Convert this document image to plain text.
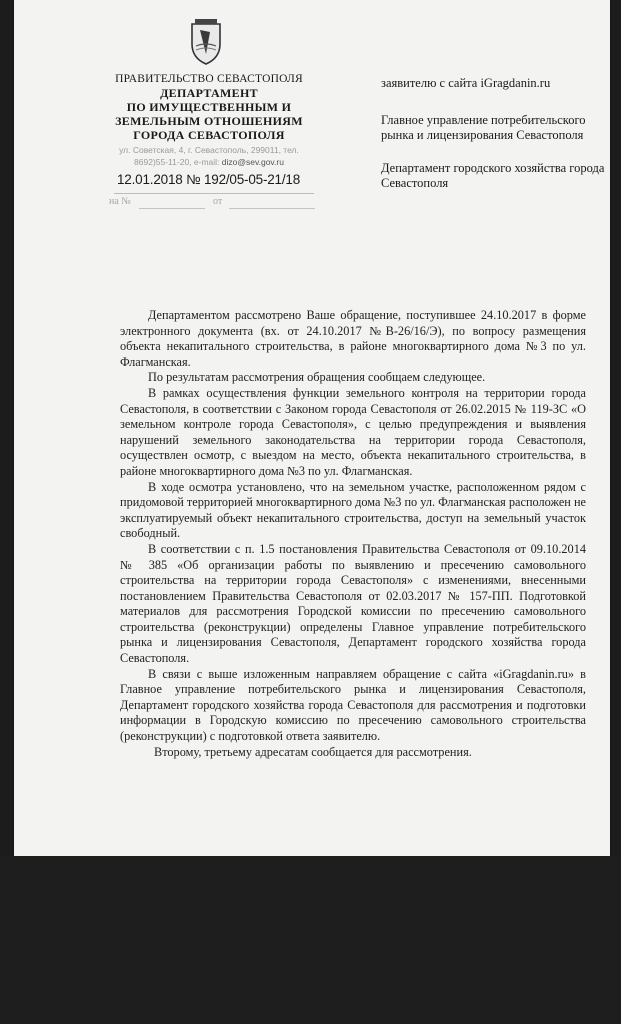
ПРАВИТЕЛЬСТВО СЕВАСТОПОЛЯ
ДЕПАРТАМЕНТ
ПО ИМУЩЕСТВЕННЫМ И
ЗЕМЕЛЬНЫМ ОТНОШЕНИЯМ
ГОРОДА СЕВАСТОПОЛЯ
ул. Советская, 4, г. Севастополь, 299011, тел.
8692)55-11-20, e-mail: dizo@sev.gov.ru
12.01.2018 № 192/05-05-21/18
на №	от
заявителю с сайта iGragdanin.ru
Главное управление потребительского рынка и лицензирования Севастополя
Департамент городского хозяйства города Севастополя

Департаментом рассмотрено Ваше обращение, поступившее 24.10.2017 в форме электронного документа (вх. от 24.10.2017 №В-26/16/Э), по вопросу размещения объекта некапитального строительства, в районе многоквартирного дома №3 по ул. Флагманская.

По результатам рассмотрения обращения сообщаем следующее.

В рамках осуществления функции земельного контроля на территории города Севастополя, в соответствии с Законом города Севастополя от 26.02.2015 № 119-ЗС «О земельном контроле города Севастополя», с целью предупреждения и выявления нарушений земельного законодательства на территории города Севастополя, осуществлен осмотр, с выездом на место, объекта некапитального строительства, в районе многоквартирного дома №3 по ул. Флагманская.

В ходе осмотра установлено, что на земельном участке, расположенном рядом с придомовой территорией многоквартирного дома №3 по ул. Флагманская расположен не эксплуатируемый объект некапитального строительства, доступ на земельный участок свободный.

В соответствии с п. 1.5 постановления Правительства Севастополя от 09.10.2014 № 385 «Об организации работы по выявлению и пресечению самовольного строительства на территории города Севастополя» с изменениями, внесенными постановлением Правительства Севастополя от 02.03.2017 № 157-ПП. Подготовкой материалов для рассмотрения Городской комиссии по пресечению самовольного строительства (реконструкции) определены Главное управление потребительского рынка и лицензирования Севастополя, Департамент городского хозяйства города Севастополя.

В связи с выше изложенным направляем обращение с сайта «iGragdanin.ru» в Главное управление потребительского рынка и лицензирования Севастополя, Департамент городского хозяйства города Севастополя для рассмотрения и подготовки информации в Городскую комиссию по пресечению самовольного строительства (реконструкции) с подготовкой ответа заявителю.

Второму, третьему адресатам сообщается для рассмотрения.
